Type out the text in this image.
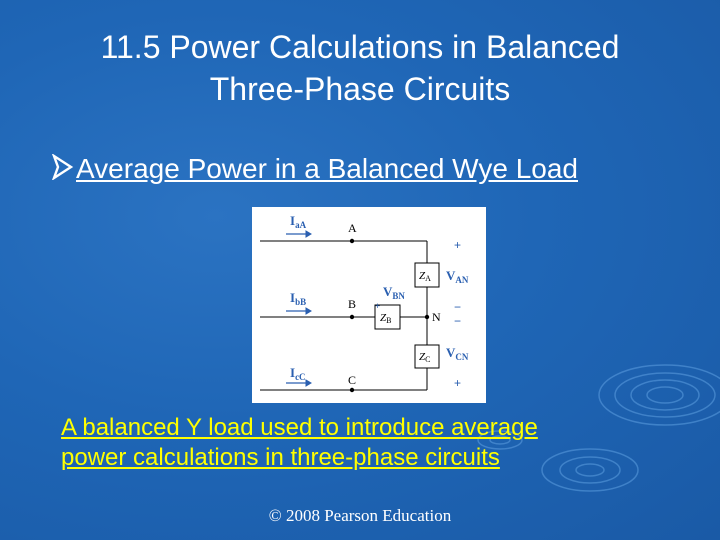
11.5 Power Calculations in Balanced
Three-Phase Circuits
Average Power in a Balanced Wye Load
$I_{aA}$
$I_{bB}$
$I_{cC}$
$V_{AN}$
$V_{BN}$
$V_{CN}$
A
B
C
N
ZA
ZB
ZC
+
−
−
+
+
A balanced Y load used to introduce average
power calculations in three-phase circuits
© 2008 Pearson Education
